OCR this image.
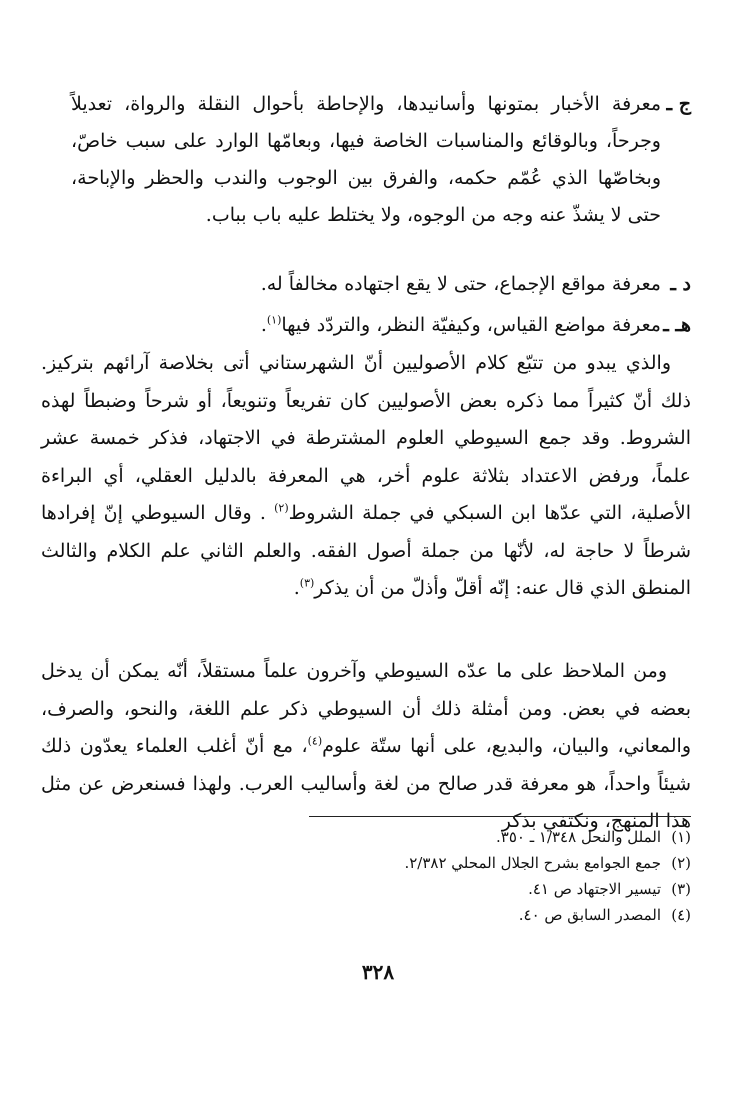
ج ـ
معرفة الأخبار بمتونها وأسانيدها، والإحاطة بأحوال النقلة والرواة، تعديلاً وجرحاً، وبالوقائع والمناسبات الخاصة فيها، وبعامّها الوارد على سبب خاصّ، وبخاصّها الذي عُمّم حكمه، والفرق بين الوجوب والندب والحظر والإباحة، حتى لا يشذّ عنه وجه من الوجوه، ولا يختلط عليه باب بباب.
د ـ
معرفة مواقع الإجماع، حتى لا يقع اجتهاده مخالفاً له.
هـ ـ
معرفة مواضع القياس، وكيفيّة النظر، والتردّد فيها$^{(١)}$.

والذي يبدو من تتبّع كلام الأصوليين أنّ الشهرستاني أتى بخلاصة آرائهم بتركيز. ذلك أنّ كثيراً مما ذكره بعض الأصوليين كان تفريعاً وتنويعاً، أو شرحاً وضبطاً لهذه الشروط. وقد جمع السيوطي العلوم المشترطة في الاجتهاد، فذكر خمسة عشر علماً، ورفض الاعتداد بثلاثة علوم أخر، هي المعرفة بالدليل العقلي، أي البراءة الأصلية، التي عدّها ابن السبكي في جملة الشروط$^{(٢)}$ . وقال السيوطي إنّ إفرادها شرطاً لا حاجة له، لأنّها من جملة أصول الفقه. والعلم الثاني علم الكلام والثالث المنطق الذي قال عنه: إنّه أقلّ وأذلّ من أن يذكر$^{(٣)}$.

ومن الملاحظ على ما عدّه السيوطي وآخرون علماً مستقلاً، أنّه يمكن أن يدخل بعضه في بعض. ومن أمثلة ذلك أن السيوطي ذكر علم اللغة، والنحو، والصرف، والمعاني، والبيان، والبديع، على أنها ستّة علوم$^{(٤)}$، مع أنّ أغلب العلماء يعدّون ذلك شيئاً واحداً، هو معرفة قدر صالح من لغة وأساليب العرب. ولهذا فسنعرض عن مثل هذا المنهج، ونكتفي بذكر

(١)الملل والنحل ١/٣٤٨ ـ ٣٥٠.
(٢)جمع الجوامع بشرح الجلال المحلي ٢/٣٨٢.
(٣)تيسير الاجتهاد ص ٤١.
(٤)المصدر السابق ص ٤٠.
٣٢٨
